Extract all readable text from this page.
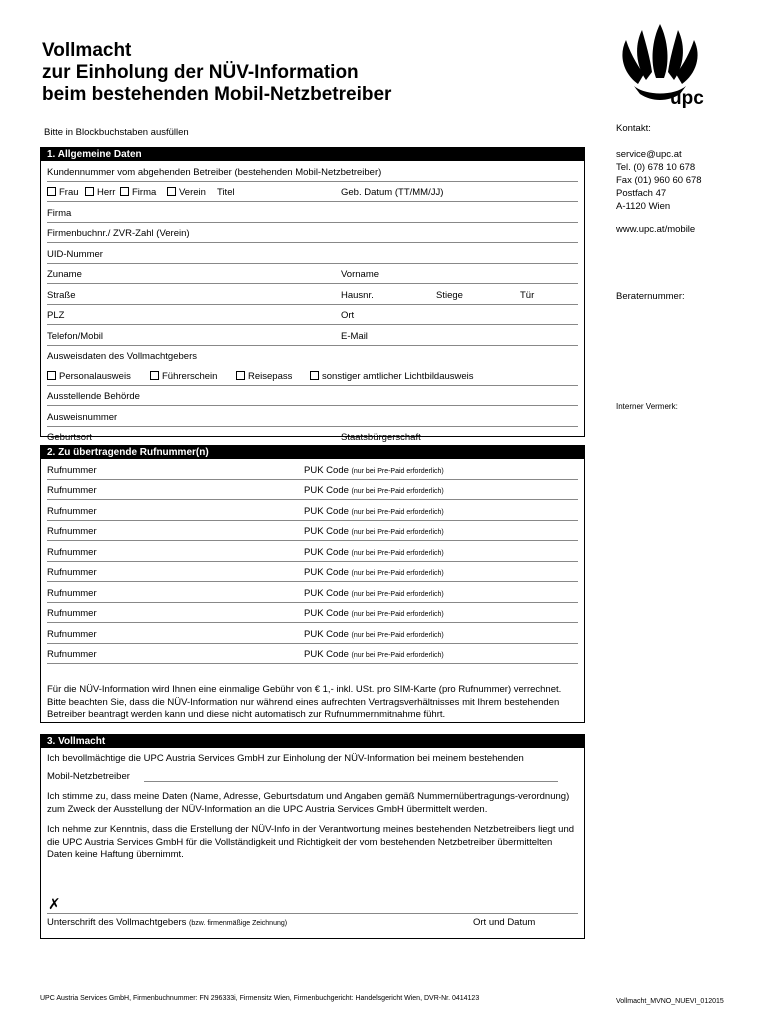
Vollmacht
zur Einholung der NÜV-Information
beim bestehenden Mobil-Netzbetreiber	upc
Bitte in Blockbuchstaben ausfüllen	Kontakt:
service@upc.at
Tel. (0) 678 10 678
Fax (01) 960 60 678
Postfach 47
A-1120 Wien
www.upc.at/mobile
Beraternummer:
Interner Vermerk:
1. Allgemeine Daten
Kundennummer vom abgehenden Betreiber (bestehenden Mobil-Netzbetreiber)
Frau	Herr	Firma	Verein Titel	Geb. Datum (TT/MM/JJ)
Firmа
Firmenbuchnr./ ZVR-Zahl (Verein)
UID-Nummer
Zuname	Vorname
Straße	Hausnr.	Stiege	Tür
PLZ	Ort
Telefon/Mobil	E-Mail
Ausweisdaten des Vollmachtgebers
Personalausweis	Führerschein	Reisepass	sonstiger amtlicher Lichtbildausweis
Ausstellende Behörde
Ausweisnummer
Geburtsort	Staatsbürgerschaft
2. Zu übertragende Rufnummer(n)
Rufnummer	PUK Code (nur bei Pre-Paid erforderlich)
Rufnummer	PUK Code (nur bei Pre-Paid erforderlich)
Rufnummer	PUK Code (nur bei Pre-Paid erforderlich)
Rufnummer	PUK Code (nur bei Pre-Paid erforderlich)
Rufnummer	PUK Code (nur bei Pre-Paid erforderlich)
Rufnummer	PUK Code (nur bei Pre-Paid erforderlich)
Rufnummer	PUK Code (nur bei Pre-Paid erforderlich)
Rufnummer	PUK Code (nur bei Pre-Paid erforderlich)
Rufnummer	PUK Code (nur bei Pre-Paid erforderlich)
Rufnummer	PUK Code (nur bei Pre-Paid erforderlich)
Für die NÜV-Information wird Ihnen eine einmalige Gebühr von € 1,- inkl. USt. pro SIM-Karte (pro Rufnummer) verrechnet. Bitte beachten Sie, dass die NÜV-Information nur während eines aufrechten Vertragsverhältnisses mit Ihrem bestehenden Betreiber beantragt werden kann und diese nicht automatisch zur Rufnummernmitnahme führt.
3. Vollmacht
Ich bevollmächtige die UPC Austria Services GmbH zur Einholung der NÜV-Information bei meinem bestehenden
Mobil-Netzbetreiber
Ich stimme zu, dass meine Daten (Name, Adresse, Geburtsdatum und Angaben gemäß Nummernübertragungs-verordnung) zum Zweck der Ausstellung der NÜV-Information an die UPC Austria Services GmbH übermittelt werden.
Ich nehme zur Kenntnis, dass die Erstellung der NÜV-Info in der Verantwortung meines bestehenden Netzbetreibers liegt und die UPC Austria Services GmbH für die Vollständigkeit und Richtigkeit der vom bestehenden Netzbetreiber übermittelten Daten keine Haftung übernimmt.
✗
Unterschrift des Vollmachtgebers (bzw. firmenmäßige Zeichnung)	Ort und Datum
UPC Austria Services GmbH, Firmenbuchnummer: FN 296333i, Firmensitz Wien, Firmenbuchgericht: Handelsgericht Wien, DVR-Nr. 0414123	Vollmacht_MVNO_NUEVI_012015
